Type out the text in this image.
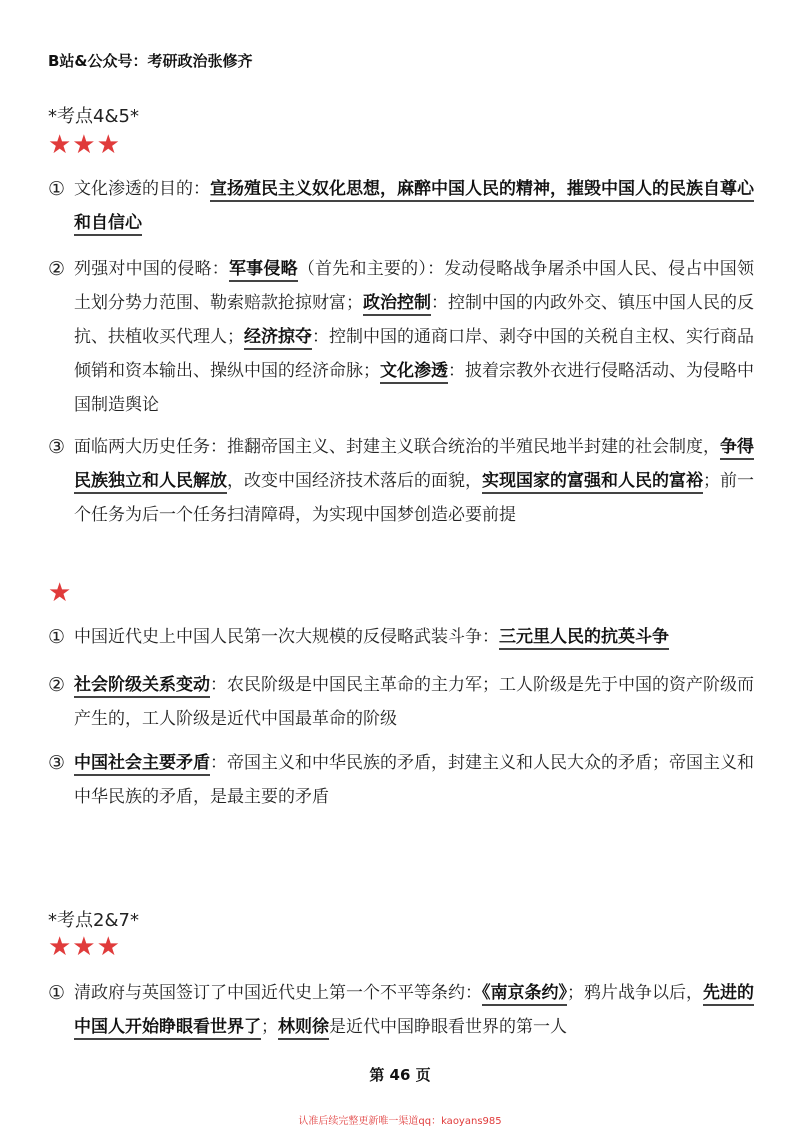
B站&公众号：考研政治张修齐
*考点4&5*
★★★
① 文化渗透的目的：宣扬殖民主义奴化思想，麻醉中国人民的精神，摧毁中国人的民族自尊心和自信心
② 列强对中国的侵略：军事侵略（首先和主要的）：发动侵略战争屠杀中国人民、侵占中国领土划分势力范围、勒索赔款抢掠财富；政治控制：控制中国的内政外交、镇压中国人民的反抗、扶植收买代理人；经济掠夺：控制中国的通商口岸、剥夺中国的关税自主权、实行商品倾销和资本输出、操纵中国的经济命脉；文化渗透：披着宗教外衣进行侵略活动、为侵略中国制造舆论
③ 面临两大历史任务：推翻帝国主义、封建主义联合统治的半殖民地半封建的社会制度，争得民族独立和人民解放，改变中国经济技术落后的面貌，实现国家的富强和人民的富裕；前一个任务为后一个任务扫清障碍，为实现中国梦创造必要前提
★
① 中国近代史上中国人民第一次大规模的反侵略武装斗争：三元里人民的抗英斗争
② 社会阶级关系变动：农民阶级是中国民主革命的主力军；工人阶级是先于中国的资产阶级而产生的，工人阶级是近代中国最革命的阶级
③ 中国社会主要矛盾：帝国主义和中华民族的矛盾，封建主义和人民大众的矛盾；帝国主义和中华民族的矛盾，是最主要的矛盾
*考点2&7*
★★★
① 清政府与英国签订了中国近代史上第一个不平等条约：《南京条约》；鸦片战争以后，先进的中国人开始睁眼看世界了；林则徐是近代中国睁眼看世界的第一人
第 46 页
认准后续完整更新唯一渠道qq：kaoyans985
